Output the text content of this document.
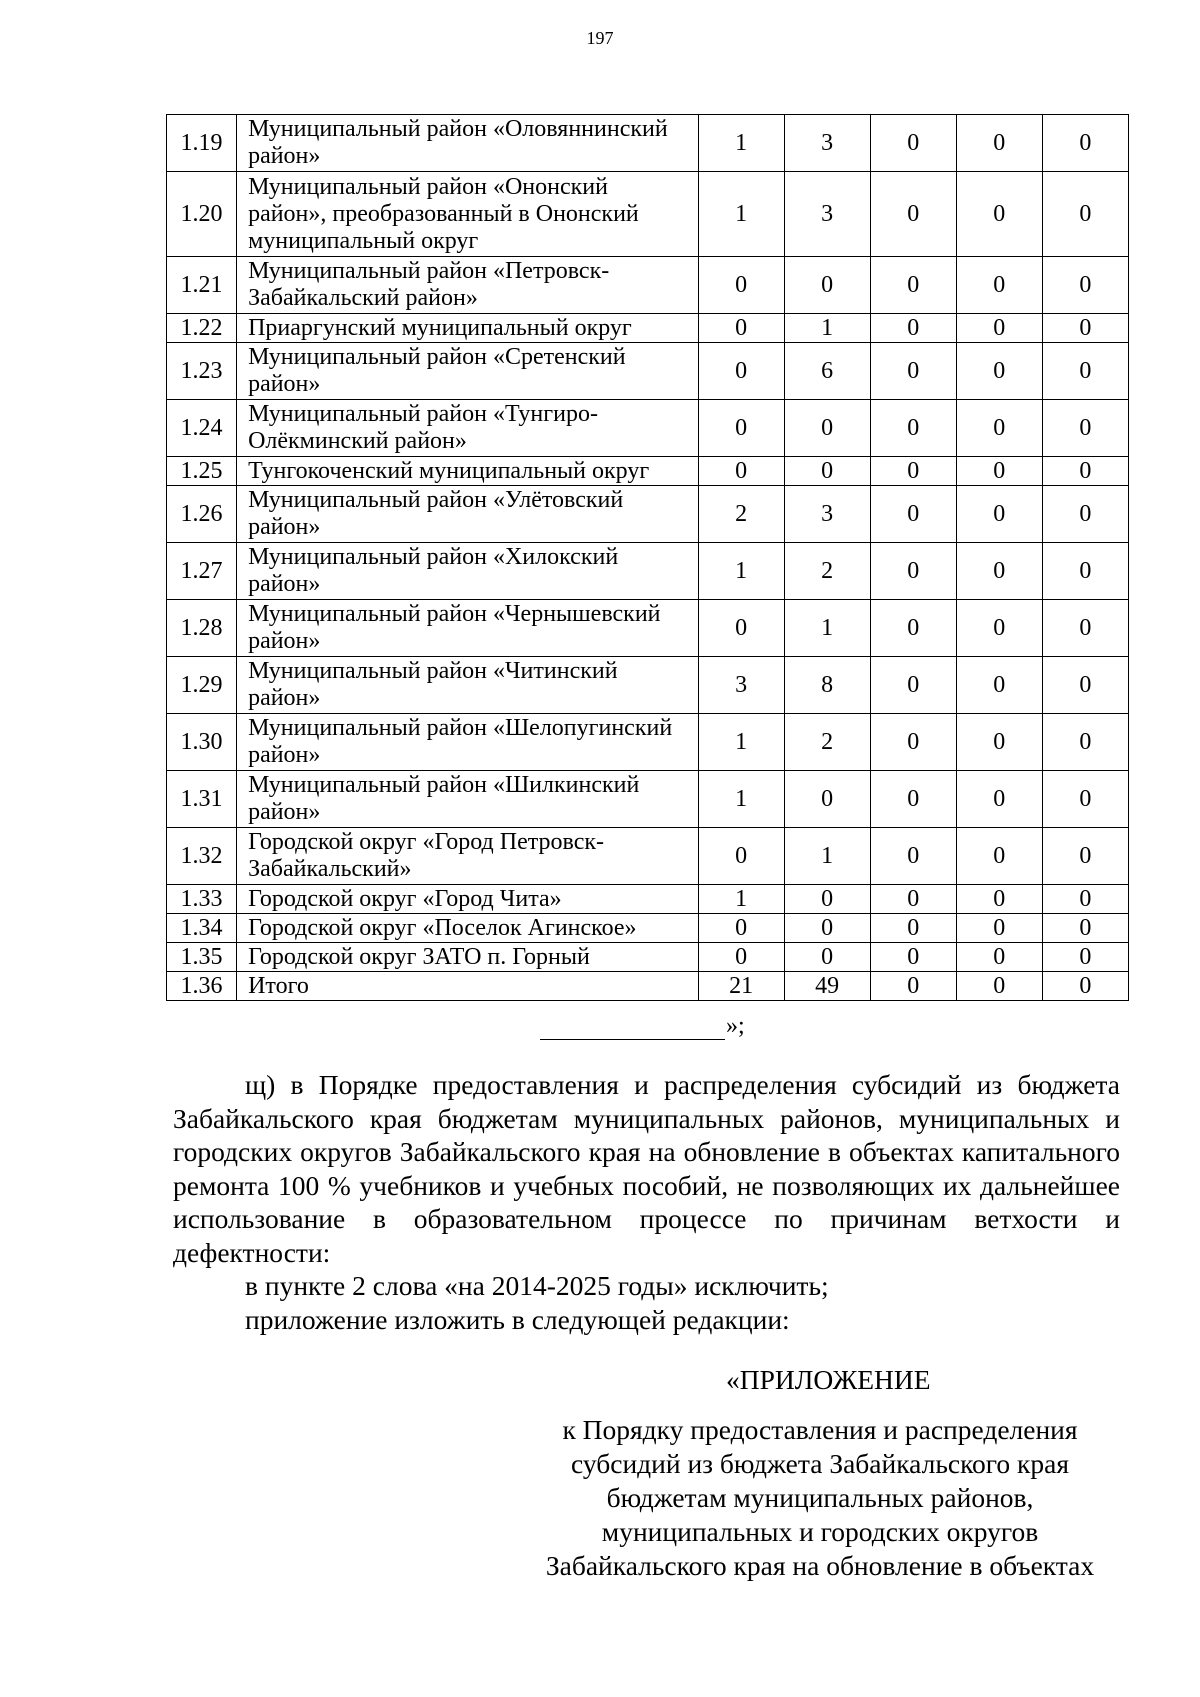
197
1.19	Муниципальный район «Оловяннинский район»	1	3	0	0	0
1.20	Муниципальный район «Ононский район», преобразованный в Ононский муниципальный округ	1	3	0	0	0
1.21	Муниципальный район «Петровск-Забайкальский район»	0	0	0	0	0
1.22	Приаргунский муниципальный округ	0	1	0	0	0
1.23	Муниципальный район «Сретенский район»	0	6	0	0	0
1.24	Муниципальный район «Тунгиро-Олёкминский район»	0	0	0	0	0
1.25	Тунгокоченский муниципальный округ	0	0	0	0	0
1.26	Муниципальный район «Улётовский район»	2	3	0	0	0
1.27	Муниципальный район «Хилокский район»	1	2	0	0	0
1.28	Муниципальный район «Чернышевский район»	0	1	0	0	0
1.29	Муниципальный район «Читинский район»	3	8	0	0	0
1.30	Муниципальный район «Шелопугинский район»	1	2	0	0	0
1.31	Муниципальный район «Шилкинский район»	1	0	0	0	0
1.32	Городской округ «Город Петровск-Забайкальский»	0	1	0	0	0
1.33	Городской округ «Город Чита»	1	0	0	0	0
1.34	Городской округ «Поселок Агинское»	0	0	0	0	0
1.35	Городской округ ЗАТО п. Горный	0	0	0	0	0
1.36	Итого	21	49	0	0	0
»;

щ) в Порядке предоставления и распределения субсидий из бюджета Забайкальского края бюджетам муниципальных районов, муниципальных и городских округов Забайкальского края на обновление в объектах капитального ремонта 100 % учебников и учебных пособий, не позволяющих их дальнейшее использование в образовательном процессе по причинам ветхости и дефектности:

в пункте 2 слова «на 2014-2025 годы» исключить;

приложение изложить в следующей редакции:

«ПРИЛОЖЕНИЕ
к Порядку предоставления и распределения
субсидий из бюджета Забайкальского края
бюджетам муниципальных районов,
муниципальных и городских округов
Забайкальского края на обновление в объектах
